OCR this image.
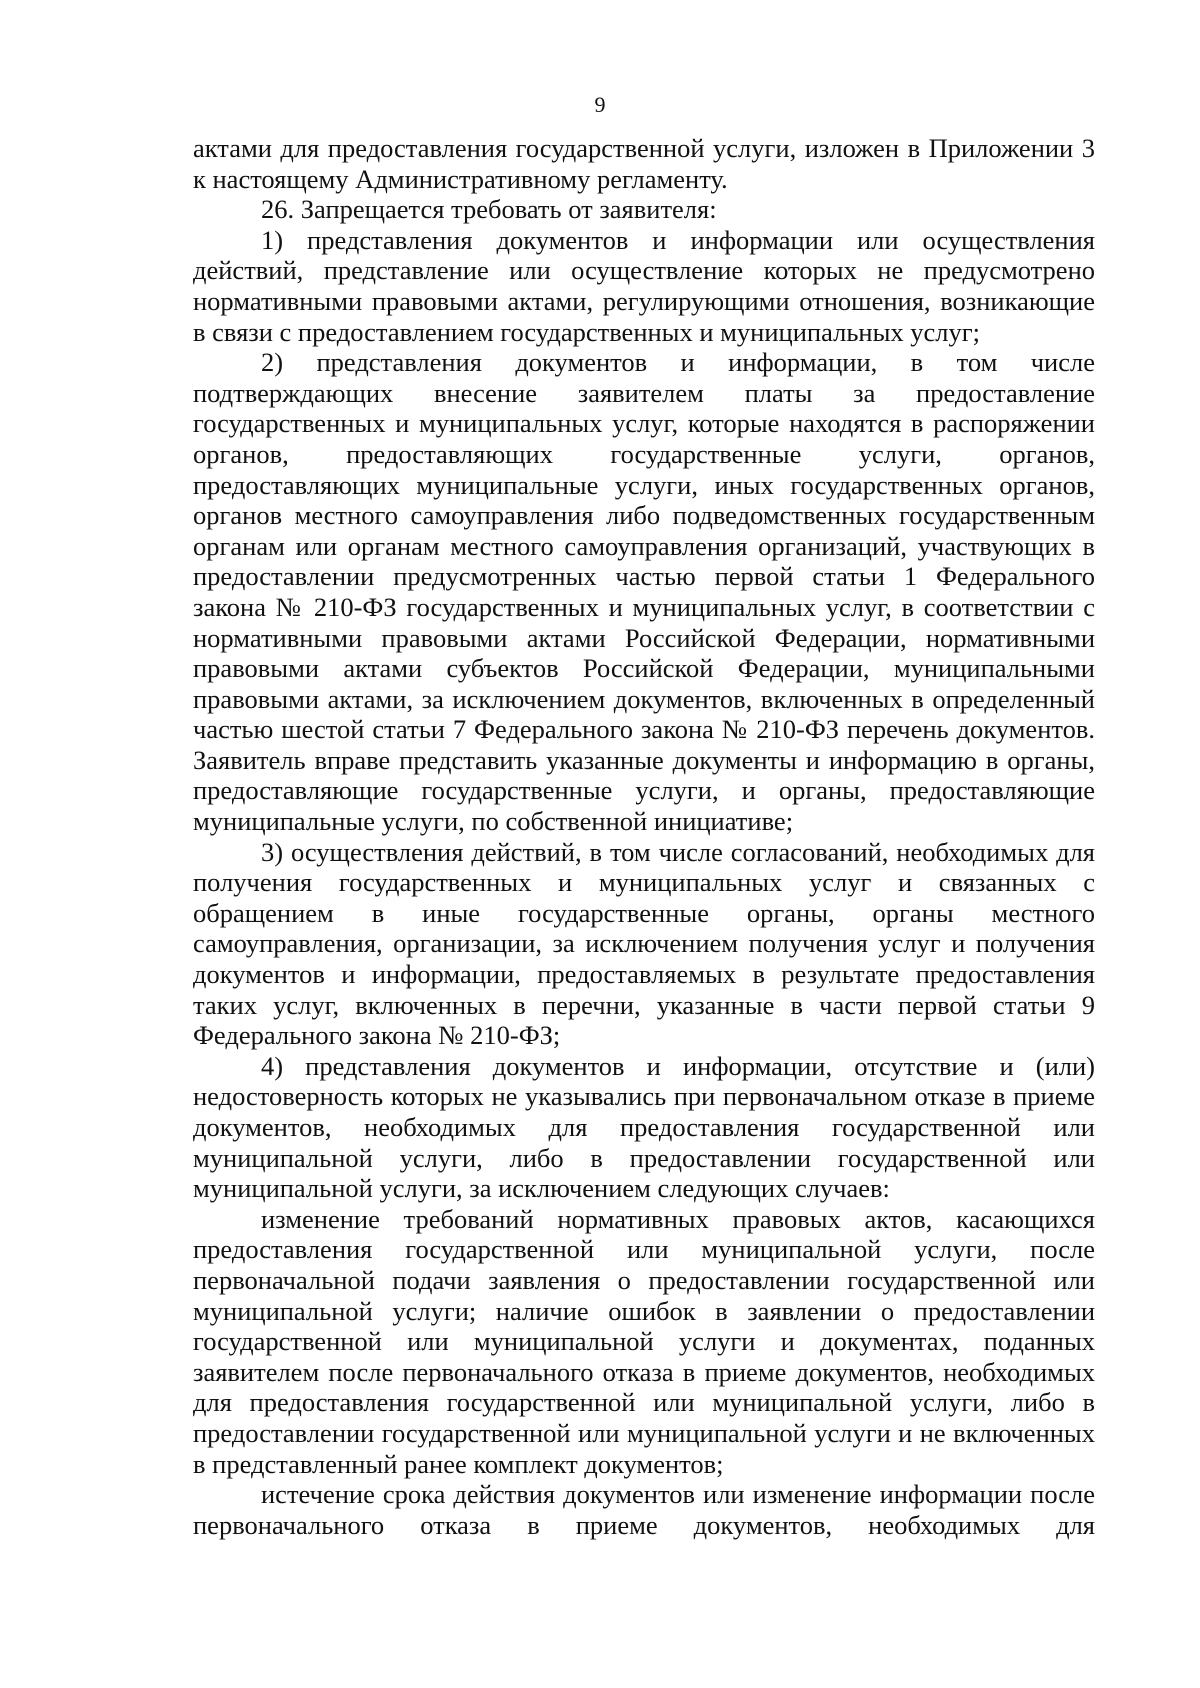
9

актами для предоставления государственной услуги, изложен в Приложении 3 к настоящему Административному регламенту.

26. Запрещается требовать от заявителя:

1) представления документов и информации или осуществления действий, представление или осуществление которых не предусмотрено нормативными правовыми актами, регулирующими отношения, возникающие в связи с предоставлением государственных и муниципальных услуг;

2) представления документов и информации, в том числе подтверждающих внесение заявителем платы за предоставление государственных и муниципальных услуг, которые находятся в распоряжении органов, предоставляющих государственные услуги, органов, предоставляющих муниципальные услуги, иных государственных органов, органов местного самоуправления либо подведомственных государственным органам или органам местного самоуправления организаций, участвующих в предоставлении предусмотренных частью первой статьи 1 Федерального закона № 210-ФЗ государственных и муниципальных услуг, в соответствии с нормативными правовыми актами Российской Федерации, нормативными правовыми актами субъектов Российской Федерации, муниципальными правовыми актами, за исключением документов, включенных в определенный частью шестой статьи 7 Федерального закона № 210-ФЗ перечень документов. Заявитель вправе представить указанные документы и информацию в органы, предоставляющие государственные услуги, и органы, предоставляющие муниципальные услуги, по собственной инициативе;

3) осуществления действий, в том числе согласований, необходимых для получения государственных и муниципальных услуг и связанных с обращением в иные государственные органы, органы местного самоуправления, организации, за исключением получения услуг и получения документов и информации, предоставляемых в результате предоставления таких услуг, включенных в перечни, указанные в части первой статьи 9 Федерального закона № 210-ФЗ;

4) представления документов и информации, отсутствие и (или) недостоверность которых не указывались при первоначальном отказе в приеме документов, необходимых для предоставления государственной или муниципальной услуги, либо в предоставлении государственной или муниципальной услуги, за исключением следующих случаев:

изменение требований нормативных правовых актов, касающихся предоставления государственной или муниципальной услуги, после первоначальной подачи заявления о предоставлении государственной или муниципальной услуги; наличие ошибок в заявлении о предоставлении государственной или муниципальной услуги и документах, поданных заявителем после первоначального отказа в приеме документов, необходимых для предоставления государственной или муниципальной услуги, либо в предоставлении государственной или муниципальной услуги и не включенных в представленный ранее комплект документов;

истечение срока действия документов или изменение информации после первоначального отказа в приеме документов, необходимых для
